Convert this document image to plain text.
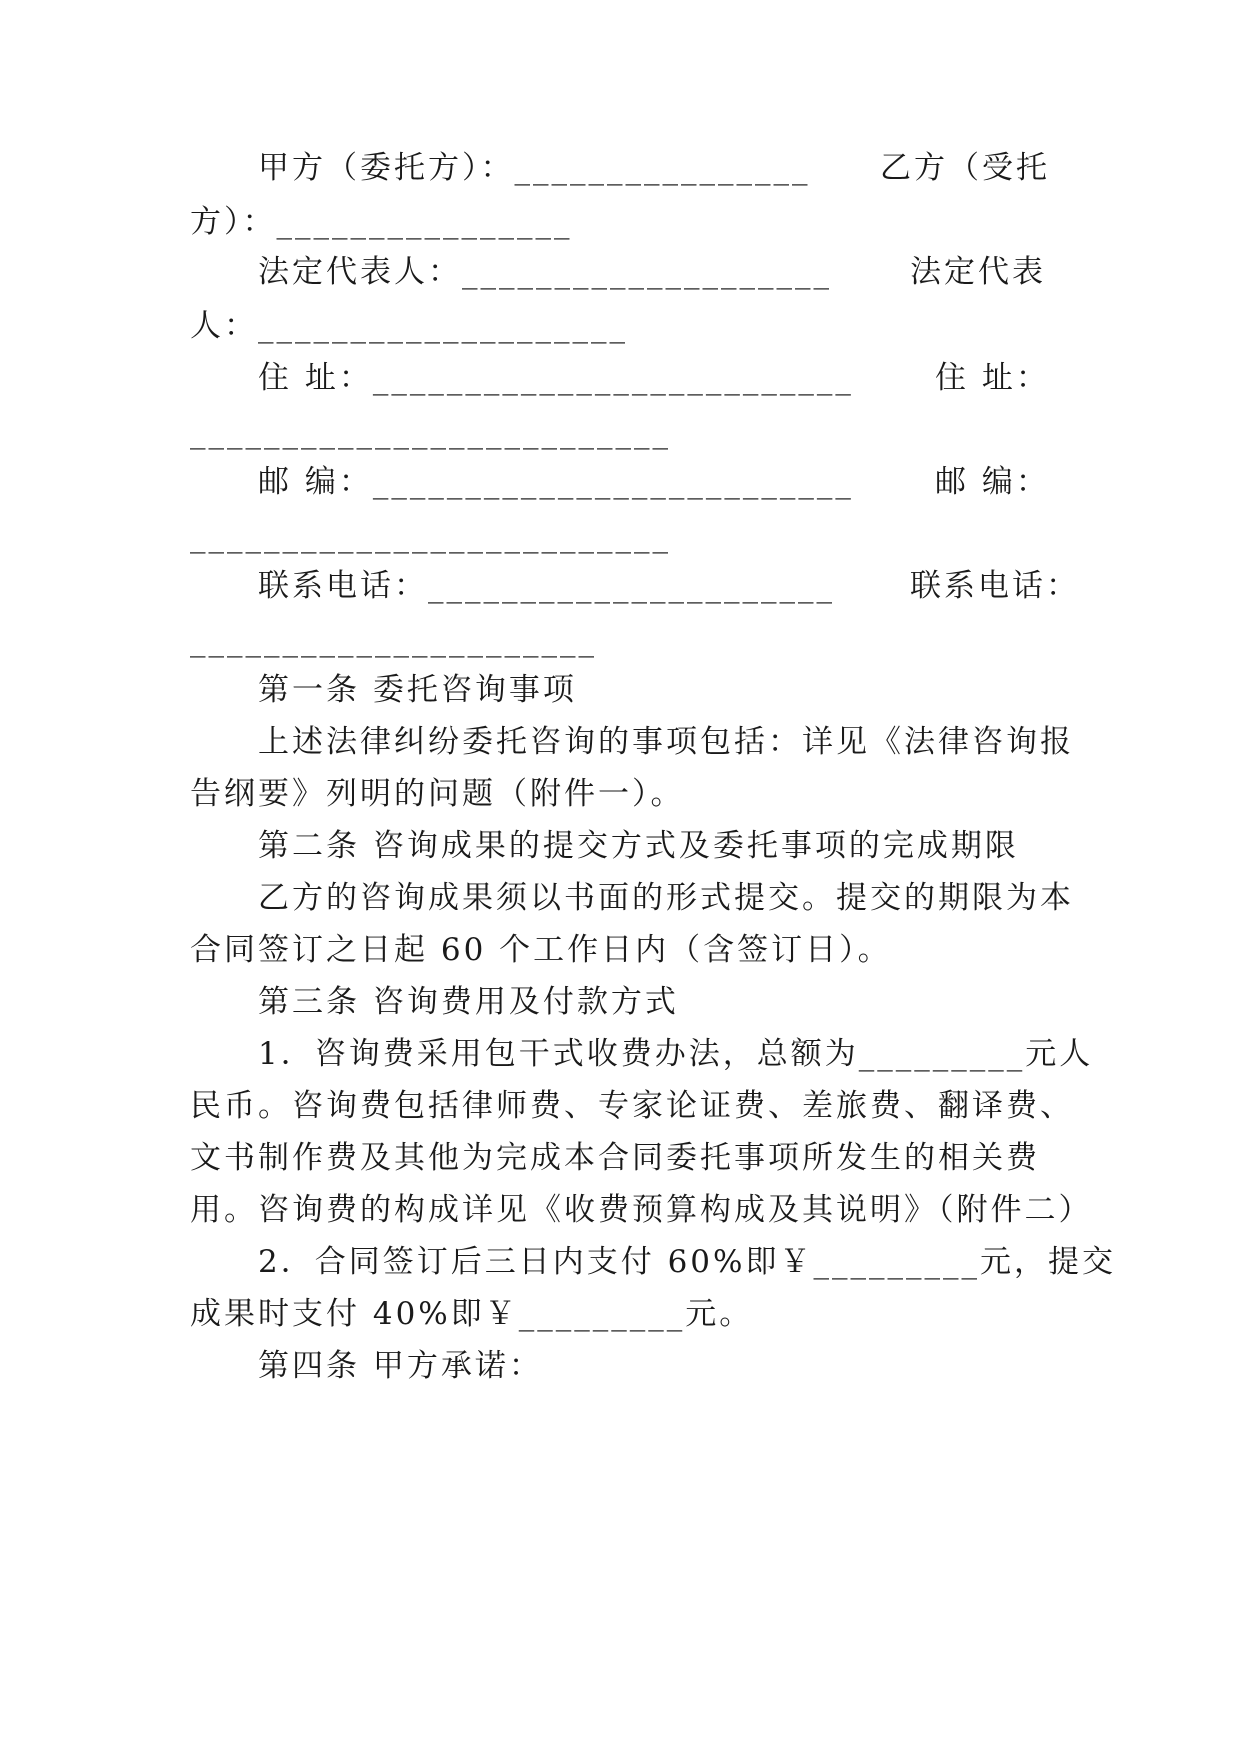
甲方（委托方）：________________ 乙方（受托
方）：________________
法定代表人：____________________	法定代表
人：____________________
住 址：__________________________	住 址：
__________________________
邮 编：__________________________	邮 编：
__________________________
联系电话：______________________ 联系电话：
______________________
第一条 委托咨询事项
上述法律纠纷委托咨询的事项包括：详见《法律咨询报
告纲要》列明的问题（附件一）。
第二条 咨询成果的提交方式及委托事项的完成期限
乙方的咨询成果须以书面的形式提交。提交的期限为本
合同签订之日起 60 个工作日内（含签订日）。
第三条 咨询费用及付款方式
1．咨询费采用包干式收费办法，总额为_________元人
民币。咨询费包括律师费、专家论证费、差旅费、翻译费、
文书制作费及其他为完成本合同委托事项所发生的相关费
用。咨询费的构成详见《收费预算构成及其说明》（附件二）
2．合同签订后三日内支付 60%即￥_________元，提交
成果时支付 40%即￥_________元。
第四条 甲方承诺：
